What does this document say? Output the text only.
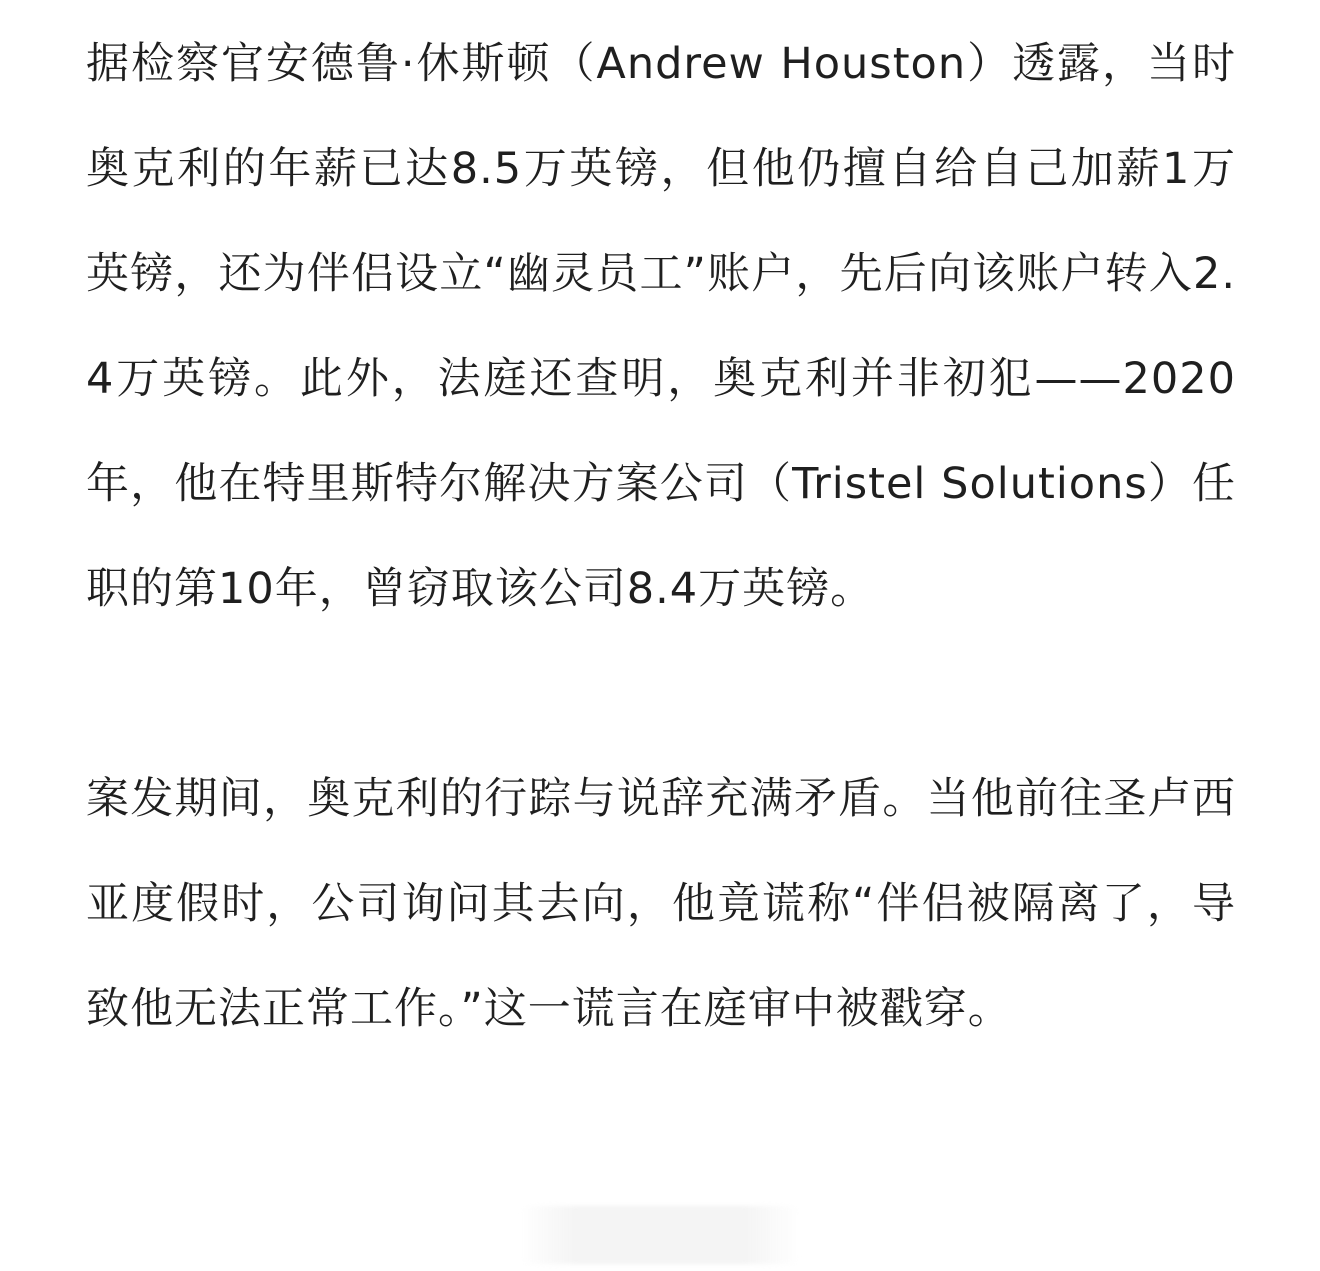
据检察官安德鲁·休斯顿（Andrew Houston）透露，当时奥克利的年薪已达8.5万英镑，但他仍擅自给自己加薪1万英镑，还为伴侣设立“幽灵员工”账户，先后向该账户转入2.4万英镑。此外，法庭还查明，奥克利并非初犯——2020年，他在特里斯特尔解决方案公司（Tristel Solutions）任职的第10年，曾窃取该公司8.4万英镑。

案发期间，奥克利的行踪与说辞充满矛盾。当他前往圣卢西亚度假时，公司询问其去向，他竟谎称“伴侣被隔离了，导致他无法正常工作。”这一谎言在庭审中被戳穿。
